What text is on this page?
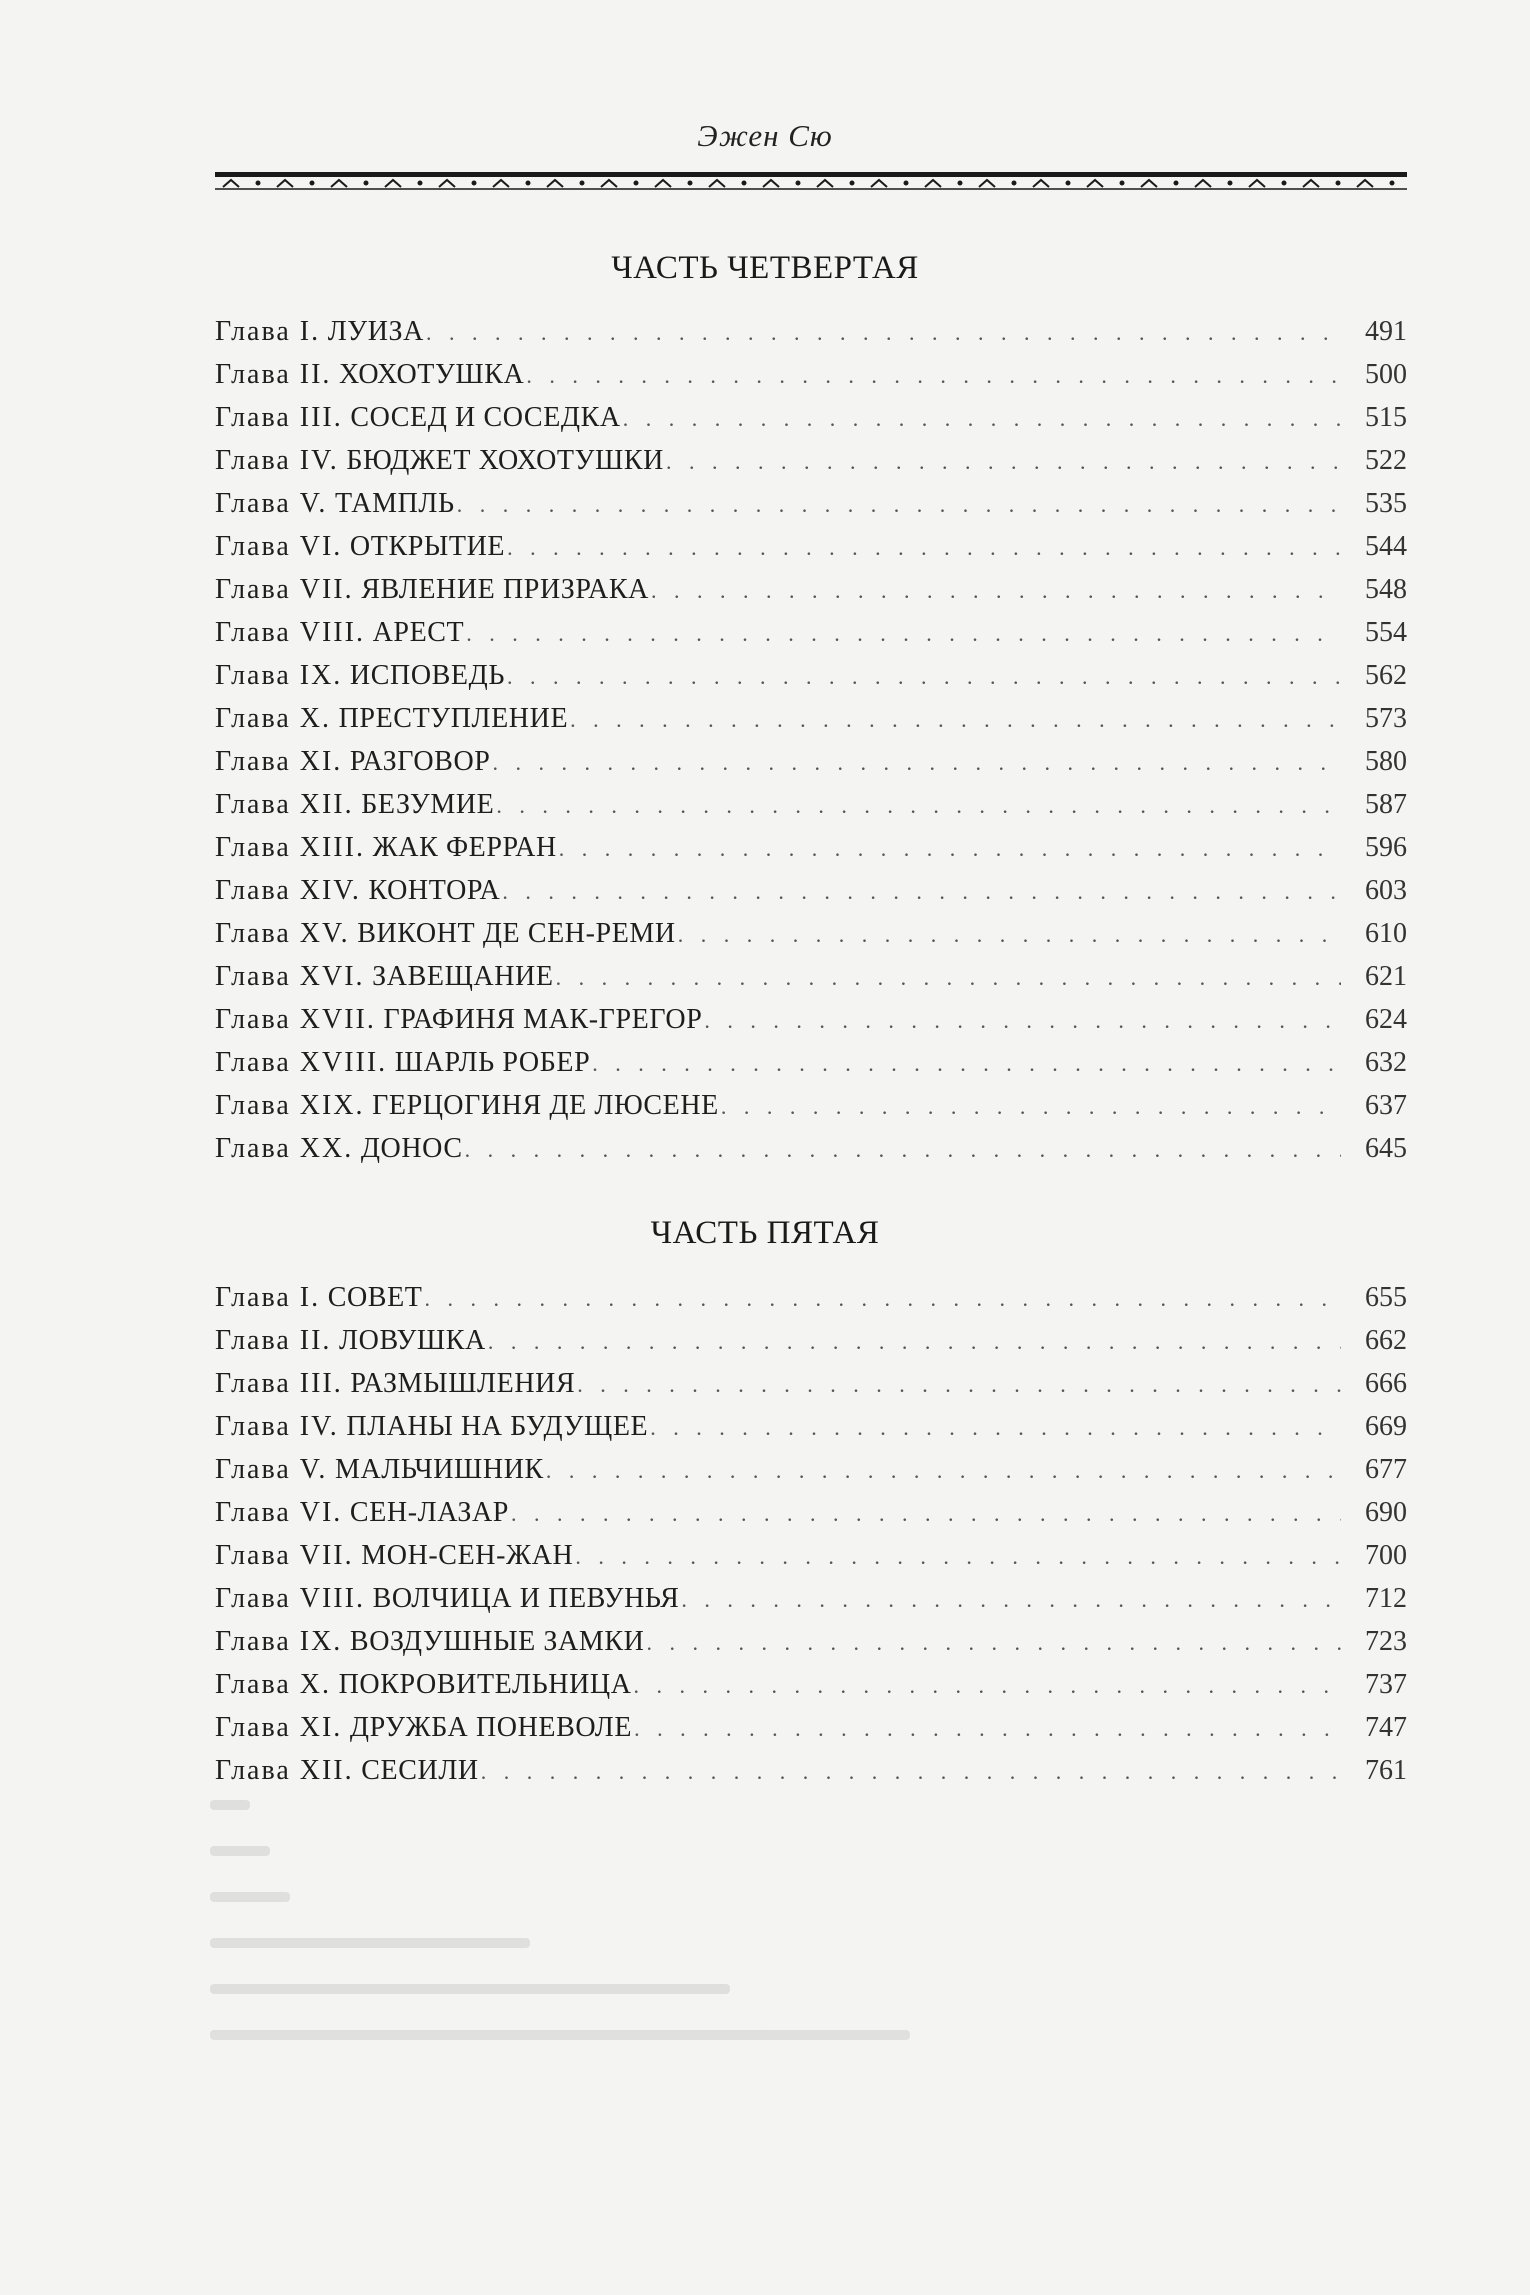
Эжен Сю
ЧАСТЬ ЧЕТВЕРТАЯ
Глава I. ЛУИЗА . . .	491
Глава II. ХОХОТУШКА . . .	500
Глава III. СОСЕД И СОСЕДКА . . .	515
Глава IV. БЮДЖЕТ ХОХОТУШКИ . . .	522
Глава V. ТАМПЛЬ . . .	535
Глава VI. ОТКРЫТИЕ . . .	544
Глава VII. ЯВЛЕНИЕ ПРИЗРАКА . . .	548
Глава VIII. АРЕСТ . . .	554
Глава IX. ИСПОВЕДЬ . . .	562
Глава X. ПРЕСТУПЛЕНИЕ . . .	573
Глава XI. РАЗГОВОР . . .	580
Глава XII. БЕЗУМИЕ . . .	587
Глава XIII. ЖАК ФЕРРАН . . .	596
Глава XIV. КОНТОРА . . .	603
Глава XV. ВИКОНТ ДЕ СЕН-РЕМИ . . .	610
Глава XVI. ЗАВЕЩАНИЕ . . .	621
Глава XVII. ГРАФИНЯ МАК-ГРЕГОР . . .	624
Глава XVIII. ШАРЛЬ РОБЕР . . .	632
Глава XIX. ГЕРЦОГИНЯ ДЕ ЛЮСЕНЕ . . .	637
Глава XX. ДОНОС . . .	645
ЧАСТЬ ПЯТАЯ
Глава I. СОВЕТ . . .	655
Глава II. ЛОВУШКА . . .	662
Глава III. РАЗМЫШЛЕНИЯ . . .	666
Глава IV. ПЛАНЫ НА БУДУЩЕЕ . . .	669
Глава V. МАЛЬЧИШНИК . . .	677
Глава VI. СЕН-ЛАЗАР . . .	690
Глава VII. МОН-СЕН-ЖАН . . .	700
Глава VIII. ВОЛЧИЦА И ПЕВУНЬЯ . . .	712
Глава IX. ВОЗДУШНЫЕ ЗАМКИ . . .	723
Глава X. ПОКРОВИТЕЛЬНИЦА . . .	737
Глава XI. ДРУЖБА ПОНЕВОЛЕ . . .	747
Глава XII. СЕСИЛИ . . .	761
